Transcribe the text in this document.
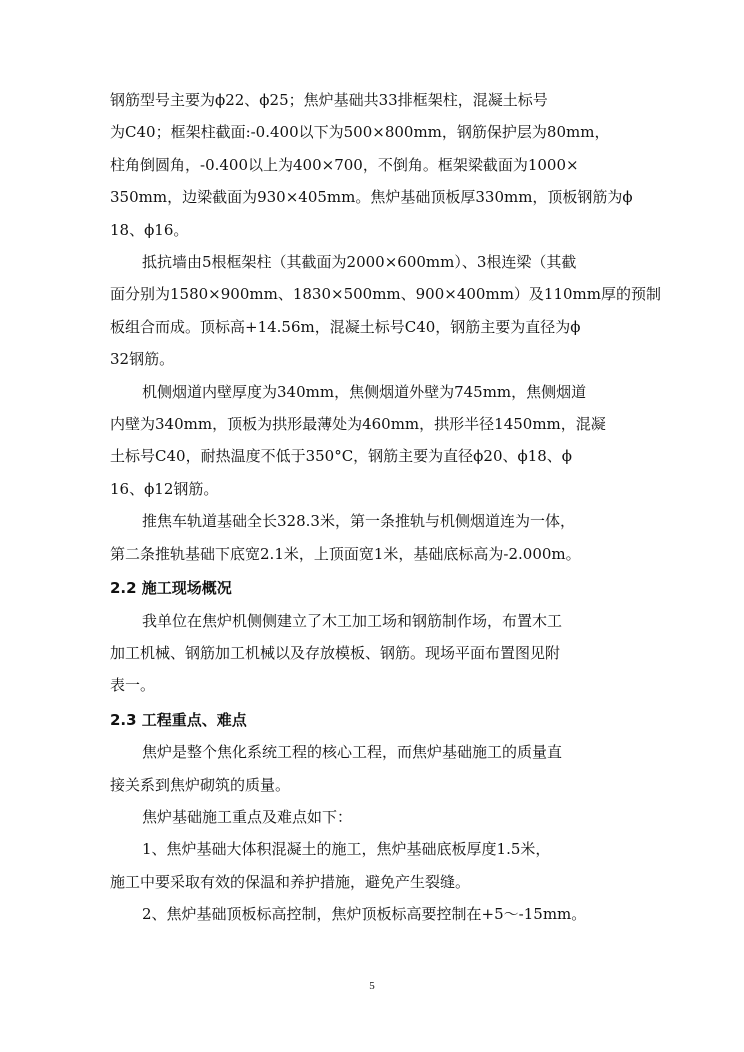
钢筋型号主要为ϕ22、ϕ25；焦炉基础共33排框架柱，混凝土标号
为C40；框架柱截面:-0.400以下为500×800mm，钢筋保护层为80mm，
柱角倒圆角，-0.400以上为400×700，不倒角。框架梁截面为1000×
350mm，边梁截面为930×405mm。焦炉基础顶板厚330mm，顶板钢筋为ϕ
18、ϕ16。
抵抗墙由5根框架柱（其截面为2000×600mm）、3根连梁（其截
面分别为1580×900mm、1830×500mm、900×400mm）及110mm厚的预制
板组合而成。顶标高+14.56m，混凝土标号C40，钢筋主要为直径为ϕ
32钢筋。
机侧烟道内壁厚度为340mm，焦侧烟道外壁为745mm，焦侧烟道
内壁为340mm，顶板为拱形最薄处为460mm，拱形半径1450mm，混凝
土标号C40，耐热温度不低于350°C，钢筋主要为直径ϕ20、ϕ18、ϕ
16、ϕ12钢筋。
推焦车轨道基础全长328.3米，第一条推轨与机侧烟道连为一体，
第二条推轨基础下底宽2.1米，上顶面宽1米，基础底标高为-2.000m。
2.2 施工现场概况
我单位在焦炉机侧侧建立了木工加工场和钢筋制作场，布置木工
加工机械、钢筋加工机械以及存放模板、钢筋。现场平面布置图见附
表一。
2.3 工程重点、难点
焦炉是整个焦化系统工程的核心工程，而焦炉基础施工的质量直
接关系到焦炉砌筑的质量。
焦炉基础施工重点及难点如下：
1、焦炉基础大体积混凝土的施工，焦炉基础底板厚度1.5米，
施工中要采取有效的保温和养护措施，避免产生裂缝。
2、焦炉基础顶板标高控制，焦炉顶板标高要控制在+5～-15mm。
5
